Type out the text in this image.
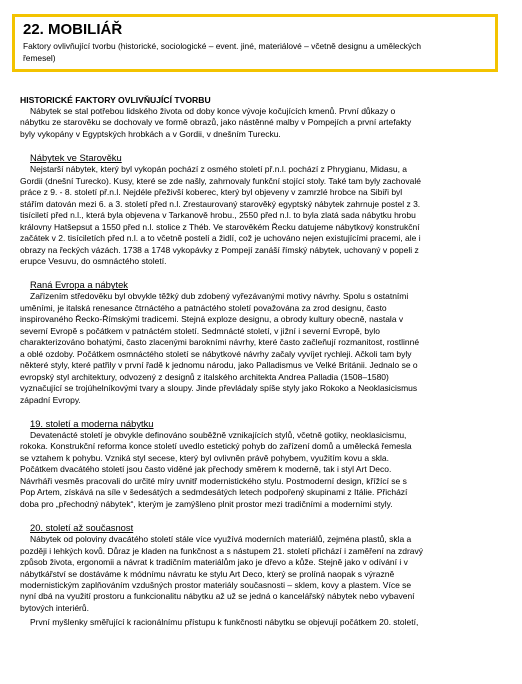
22. MOBILIÁŘ
Faktory ovlivňující tvorbu (historické, sociologické – event. jiné, materiálové – včetně designu a uměleckých
řemesel)

HISTORICKÉ FAKTORY OVLIVŇUJÍCÍ TVORBU

Nábytek se stal potřebou lidského života od doby konce vývoje kočujících kmenů. První důkazy o
nábytku ze starověku se dochovaly ve formě obrazů, jako nástěnné malby v Pompejích a první artefakty
byly vykopány v Egyptských hrobkách a v Gordii, v dnešním Turecku.

Nábytek ve Starověku

Nejstarší nábytek, který byl vykopán pochází z osmého století př.n.l. pochází z Phrygianu, Midasu, a
Gordii (dnešní Turecko). Kusy, které se zde našly, zahrnovaly funkční stojící stoly. Také tam byly zachovalé
práce z 9. - 8. století př.n.l. Nejdéle přeživší koberec, který byl objeveny v zamrzlé hrobce na Sibiři byl
stářím datován mezi 6. a 3. století před n.l. Zrestaurovaný starověký egyptský nábytek zahrnuje postel z 3.
tisíciletí před n.l., která byla objevena v Tarkanově hrobu., 2550 před n.l. to byla zlatá sada nábytku hrobu
královny Hatšepsut a 1550 před n.l. stolice z Théb. Ve starověkém Řecku datujeme nábytkový konstrukční
začátek v 2. tisíciletích před n.l. a to včetně postelí a židlí, což je uchováno nejen existujícími pracemi, ale i
obrazy na řeckých vázách. 1738 a 1748 vykopávky z Pompejí zanáší římský nábytek, uchovaný v popeli z
erupce Vesuvu, do osmnáctého století.

Raná Evropa a nábytek

Zařízením středověku byl obvykle těžký dub zdobený vyřezávanými motivy návrhy. Spolu s ostatními
uměními, je italská renesance čtrnáctého a patnáctého století považována za zrod designu, často
inspirovaného Řecko-Římskými tradicemi. Stejná exploze designu, a obrody kultury obecně, nastala v
severní Evropě s počátkem v patnáctém století. Sedmnácté století, v jižní i severní Evropě, bylo
charakterizováno bohatými, často zlacenými barokními návrhy, které často začleňují rozmanitost, rostlinné
a oblé ozdoby. Počátkem osmnáctého století se nábytkové návrhy začaly vyvíjet rychleji. Ačkoli tam byly
některé styly, které patřily v první řadě k jednomu národu, jako Palladismus ve Velké Británii. Jednalo se o
evropský styl architektury, odvozený z designů z italského architekta Andrea Palladia (1508–1580)
vyznačující se trojúhelníkovými tvary a sloupy. Jinde převládaly spíše styly jako Rokoko a Neoklasicismus
západní Evropy.

19. století a moderna nábytku

Devatenácté století je obvykle definováno souběžně vznikajících stylů, včetně gotiky, neoklasicismu,
rokoka. Konstrukční reforma konce století uvedlo estetický pohyb do zařízení domů a umělecká řemesla
se vztahem k pohybu. Vzniká styl secese, který byl ovlivněn právě pohybem, využitím kovu a skla.
Počátkem dvacátého století jsou často viděné jak přechody směrem k moderně, tak i styl Art Deco.
Návrháři vesměs pracovali do určité míry uvnitř modernistického stylu. Postmoderní design, křížící se s
Pop Artem, získává na síle v šedesátých a sedmdesátých letech podpořený skupinami z Itálie. Přichází
doba pro „přechodný nábytek“, kterým je zamýšleno plnit prostor mezi tradičními a moderními styly.

20. století až současnost

Nábytek od poloviny dvacátého století stále více využívá moderních materiálů, zejména plastů, skla a
později i lehkých kovů. Důraz je kladen na funkčnost a s nástupem 21. století přichází i zaměření na zdravý
způsob života, ergonomii a návrat k tradičním materiálům jako je dřevo a kůže. Stejně jako v odívání i v
nábytkářství se dostáváme k módnímu návratu ke stylu Art Deco, který se prolíná naopak s výrazně
modernistickým zaplňováním vzdušných prostor materiály současnosti – sklem, kovy a plastem. Více se
nyní dbá na využití prostoru a funkcionalitu nábytku až už se jedná o kancelářský nábytek nebo vybavení
bytových interiérů.
První myšlenky směřující k racionálnímu přístupu k funkčnosti nábytku se objevují počátkem 20. století,
